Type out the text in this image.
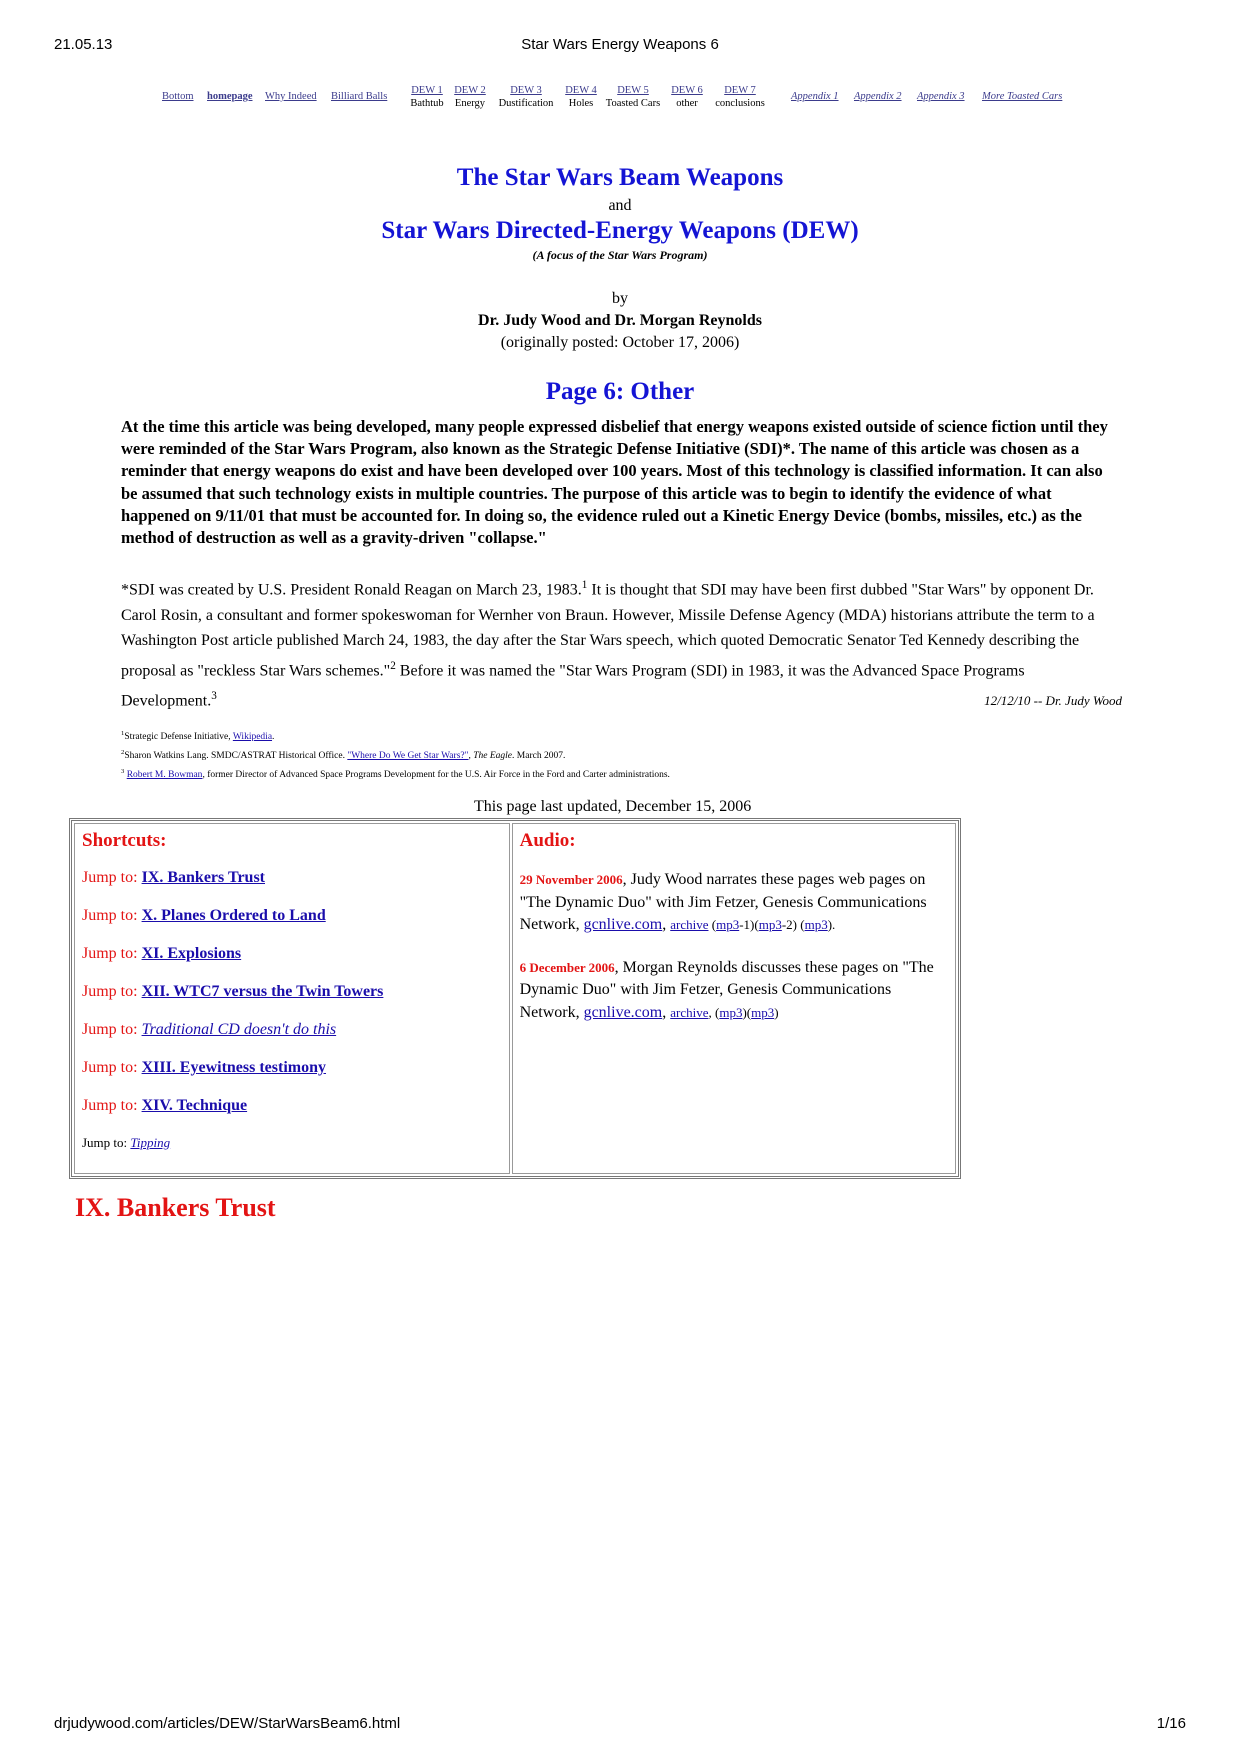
21.05.13	Star Wars Energy Weapons 6
drjudywood.com/articles/DEW/StarWarsBeam6.html	1/16
Bottom homepage Why Indeed Billiard Balls
DEW 1
Bathtub
DEW 2
Energy
DEW 3
Dustification
DEW 4
Holes
DEW 5
Toasted Cars
DEW 6
other
DEW 7
conclusions
Appendix 1 Appendix 2 Appendix 3 More Toasted Cars
The Star Wars Beam Weapons
and
Star Wars Directed-Energy Weapons (DEW)
(A focus of the Star Wars Program)
by
Dr. Judy Wood and Dr. Morgan Reynolds
(originally posted: October 17, 2006)
Page 6: Other
At the time this article was being developed, many people expressed disbelief that energy weapons existed outside of science fiction until they were reminded of the Star Wars Program, also known as the Strategic Defense Initiative (SDI)*. The name of this article was chosen as a reminder that energy weapons do exist and have been developed over 100 years. Most of this technology is classified information. It can also be assumed that such technology exists in multiple countries. The purpose of this article was to begin to identify the evidence of what happened on 9/11/01 that must be accounted for. In doing so, the evidence ruled out a Kinetic Energy Device (bombs, missiles, etc.) as the method of destruction as well as a gravity-driven "collapse."
*SDI was created by U.S. President Ronald Reagan on March 23, 1983.$^1$ It is thought that SDI may have been first dubbed "Star Wars" by opponent Dr. Carol Rosin, a consultant and former spokeswoman for Wernher von Braun. However, Missile Defense Agency (MDA) historians attribute the term to a Washington Post article published March 24, 1983, the day after the Star Wars speech, which quoted Democratic Senator Ted Kennedy describing the proposal as "reckless Star Wars schemes."$^2$ Before it was named the "Star Wars Program (SDI) in 1983, it was the Advanced Space Programs Development.$^3$	12/12/10 -- Dr. Judy Wood
$^1$Strategic Defense Initiative, Wikipedia.
$^2$Sharon Watkins Lang. SMDC/ASTRAT Historical Office. "Where Do We Get Star Wars?", The Eagle. March 2007.
$^3$ Robert M. Bowman, former Director of Advanced Space Programs Development for the U.S. Air Force in the Ford and Carter administrations.
This page last updated, December 15, 2006
Shortcuts:
Jump to: IX. Bankers Trust
Jump to: X. Planes Ordered to Land
Jump to: XI. Explosions
Jump to: XII. WTC7 versus the Twin Towers
Jump to: Traditional CD doesn't do this
Jump to: XIII. Eyewitness testimony
Jump to: XIV. Technique
Jump to: Tipping

Audio:
29 November 2006, Judy Wood narrates these pages web pages on
"The Dynamic Duo" with Jim Fetzer, Genesis Communications Network, gcnlive.com, archive (mp3-1)(mp3-2) (mp3).
6 December 2006, Morgan Reynolds discusses these pages on "The Dynamic Duo" with Jim Fetzer, Genesis Communications Network, gcnlive.com, archive, (mp3)(mp3)
IX. Bankers Trust
